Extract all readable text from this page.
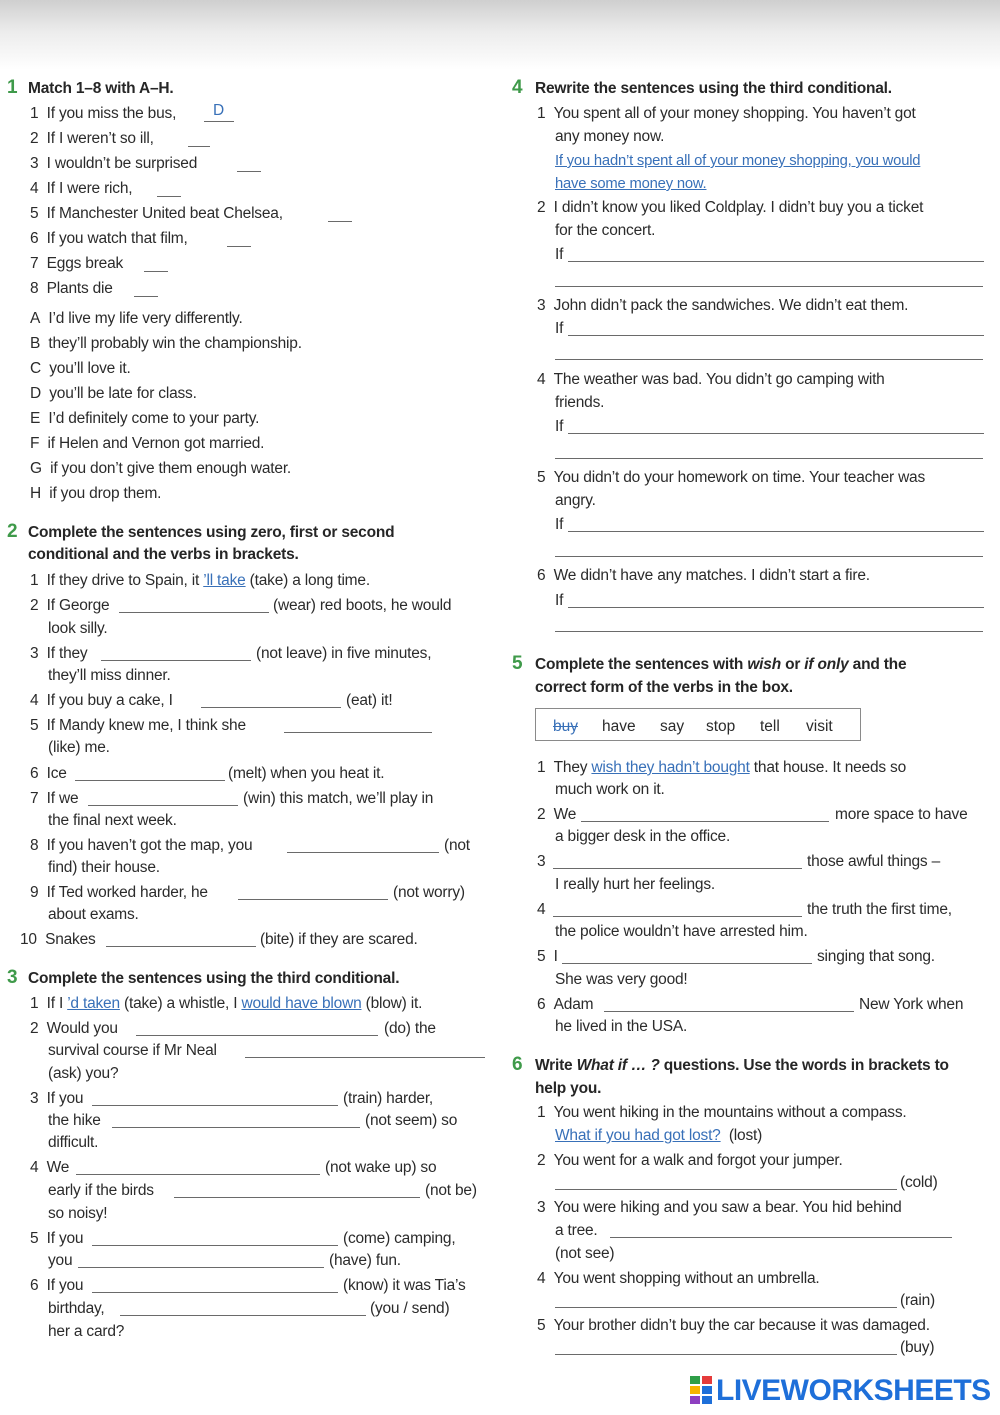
1 Match 1–8 with A–H.
1 If you miss the bus, D
2 If I weren’t so ill,
3 I wouldn’t be surprised
4 If I were rich,
5 If Manchester United beat Chelsea,
6 If you watch that film,
7 Eggs break
8 Plants die
A I’d live my life very differently.
B they’ll probably win the championship.
C you’ll love it.
D you’ll be late for class.
E I’d definitely come to your party.
F if Helen and Vernon got married.
G if you don’t give them enough water.
H if you drop them.
2 Complete the sentences using zero, first or second
conditional and the verbs in brackets.
1 If they drive to Spain, it ’ll take (take) a long time.
2 If George	(wear) red boots, he would
look silly.
3 If they	(not leave) in five minutes,
they’ll miss dinner.
4 If you buy a cake, I	(eat) it!
5 If Mandy knew me, I think she
(like) me.
6 Ice	(melt) when you heat it.
7 If we	(win) this match, we’ll play in
the final next week.
8 If you haven’t got the map, you	(not
find) their house.
9 If Ted worked harder, he	(not worry)
about exams.
10 Snakes	(bite) if they are scared.
3 Complete the sentences using the third conditional.
1 If I ’d taken (take) a whistle, I would have blown (blow) it.
2 Would you	(do) the
survival course if Mr Neal
(ask) you?
3 If you	(train) harder,
the hike	(not seem) so
difficult.
4 We	(not wake up) so
early if the birds	(not be)
so noisy!
5 If you	(come) camping,
you	(have) fun.
6 If you	(know) it was Tia’s
birthday,	(you / send)
her a card?
4 Rewrite the sentences using the third conditional.
1 You spent all of your money shopping. You haven’t got
any money now.
If you hadn’t spent all of your money shopping, you would
have some money now.
2 I didn’t know you liked Coldplay. I didn’t buy you a ticket
for the concert.
If
3 John didn’t pack the sandwiches. We didn’t eat them.
If
4 The weather was bad. You didn’t go camping with
friends.
If
5 You didn’t do your homework on time. Your teacher was
angry.
If
6 We didn’t have any matches. I didn’t start a fire.
If
5 Complete the sentences with wish or if only and the
correct form of the verbs in the box.
buy have say stop tell visit
1 They wish they hadn’t bought that house. It needs so
much work on it.
2 We	more space to have
a bigger desk in the office.
3	those awful things –
I really hurt her feelings.
4	the truth the first time,
the police wouldn’t have arrested him.
5 I	singing that song.
She was very good!
6 Adam	New York when
he lived in the USA.
6 Write What if … ? questions. Use the words in brackets to
help you.
1 You went hiking in the mountains without a compass.
What if you had got lost? (lost)
2 You went for a walk and forgot your jumper.
(cold)
3 You were hiking and you saw a bear. You hid behind
a tree.
(not see)
4 You went shopping without an umbrella.
(rain)
5 Your brother didn’t buy the car because it was damaged.
(buy)
LIVEWORKSHEETS
